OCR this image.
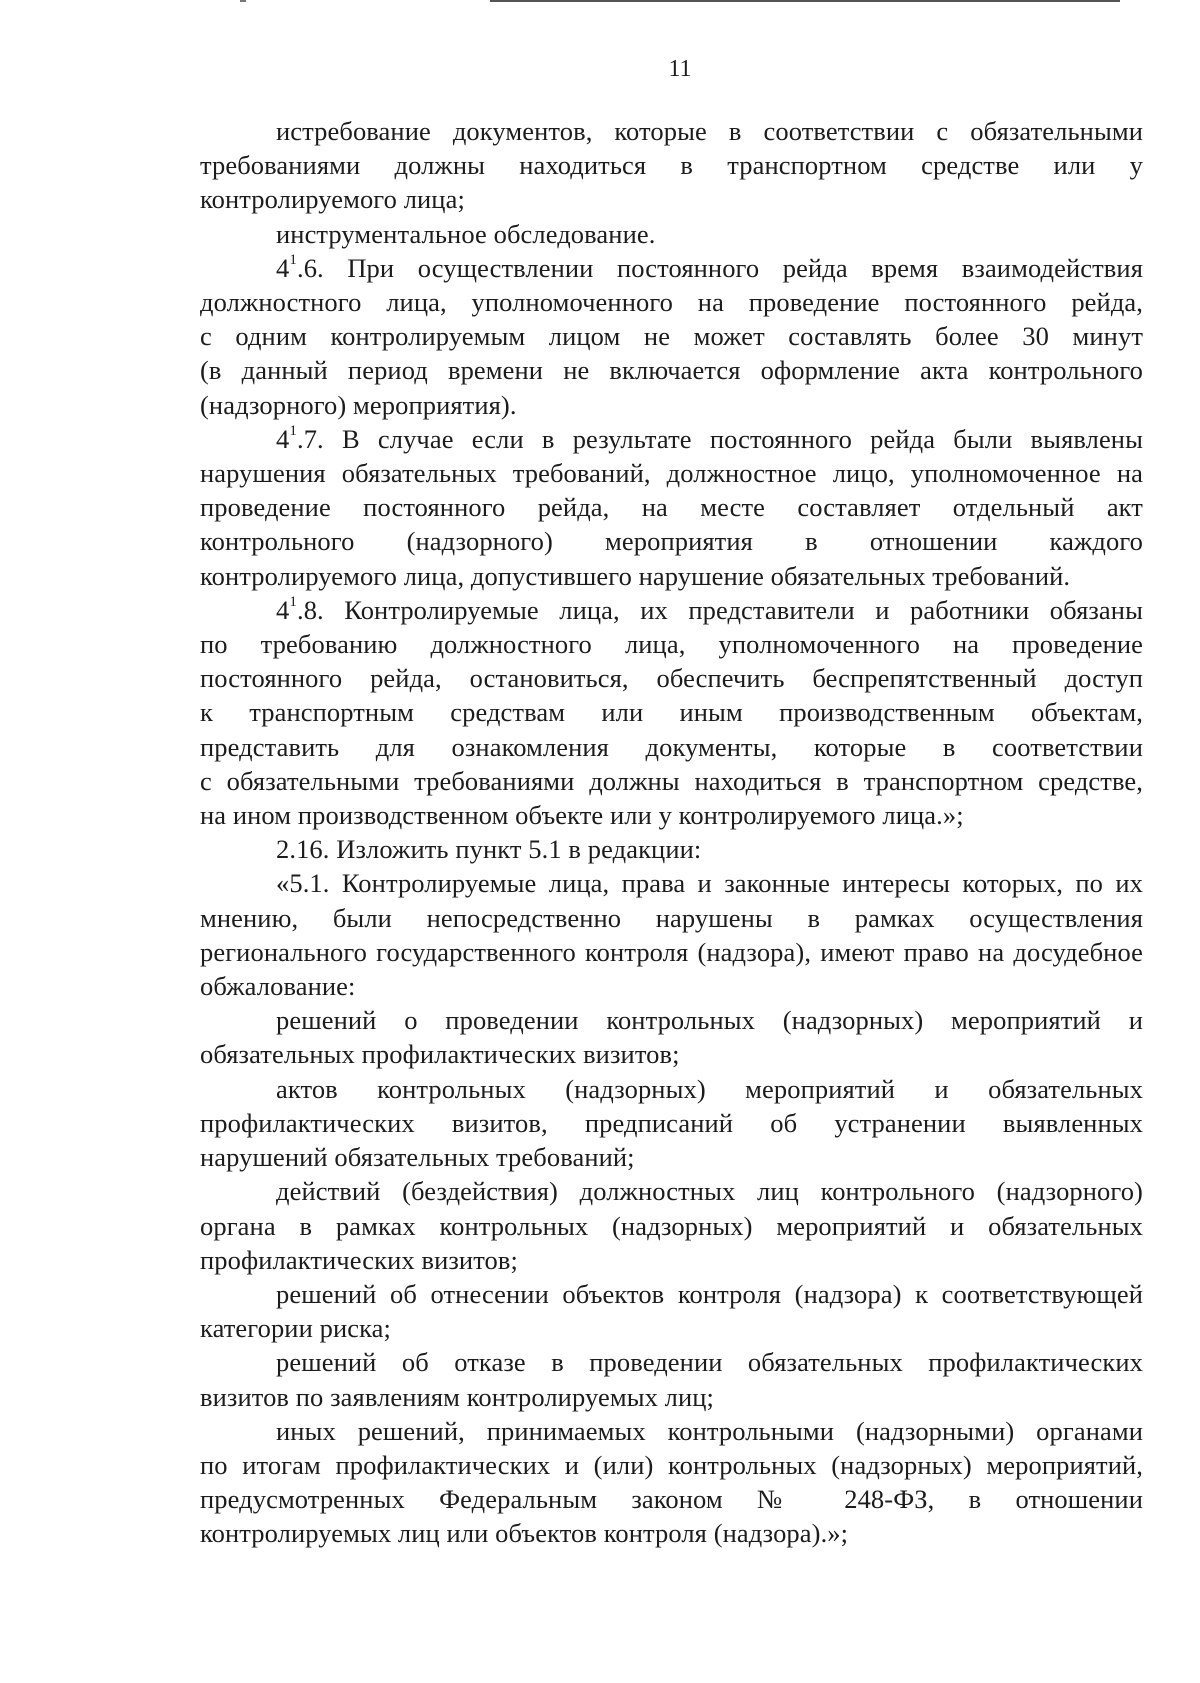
11
истребование документов, которые в соответствии с обязательными
требованиями должны находиться в транспортном средстве или у
контролируемого лица;
инструментальное обследование.
$4^1.6$. При осуществлении постоянного рейда время взаимодействия
должностного лица, уполномоченного на проведение постоянного рейда,
с одним контролируемым лицом не может составлять более 30 минут
(в данный период времени не включается оформление акта контрольного
(надзорного) мероприятия).
$4^1.7$. В случае если в результате постоянного рейда были выявлены
нарушения обязательных требований, должностное лицо, уполномоченное на
проведение постоянного рейда, на месте составляет отдельный акт
контрольного (надзорного) мероприятия в отношении каждого
контролируемого лица, допустившего нарушение обязательных требований.
$4^1.8$. Контролируемые лица, их представители и работники обязаны
по требованию должностного лица, уполномоченного на проведение
постоянного рейда, остановиться, обеспечить беспрепятственный доступ
к транспортным средствам или иным производственным объектам,
представить для ознакомления документы, которые в соответствии
с обязательными требованиями должны находиться в транспортном средстве,
на ином производственном объекте или у контролируемого лица.»;
2.16. Изложить пункт 5.1 в редакции:
«5.1. Контролируемые лица, права и законные интересы которых, по их
мнению, были непосредственно нарушены в рамках осуществления
регионального государственного контроля (надзора), имеют право на досудебное
обжалование:
решений о проведении контрольных (надзорных) мероприятий и
обязательных профилактических визитов;
актов контрольных (надзорных) мероприятий и обязательных
профилактических визитов, предписаний об устранении выявленных
нарушений обязательных требований;
действий (бездействия) должностных лиц контрольного (надзорного)
органа в рамках контрольных (надзорных) мероприятий и обязательных
профилактических визитов;
решений об отнесении объектов контроля (надзора) к соответствующей
категории риска;
решений об отказе в проведении обязательных профилактических
визитов по заявлениям контролируемых лиц;
иных решений, принимаемых контрольными (надзорными) органами
по итогам профилактических и (или) контрольных (надзорных) мероприятий,
предусмотренных Федеральным законом № 248-ФЗ, в отношении
контролируемых лиц или объектов контроля (надзора).»;
